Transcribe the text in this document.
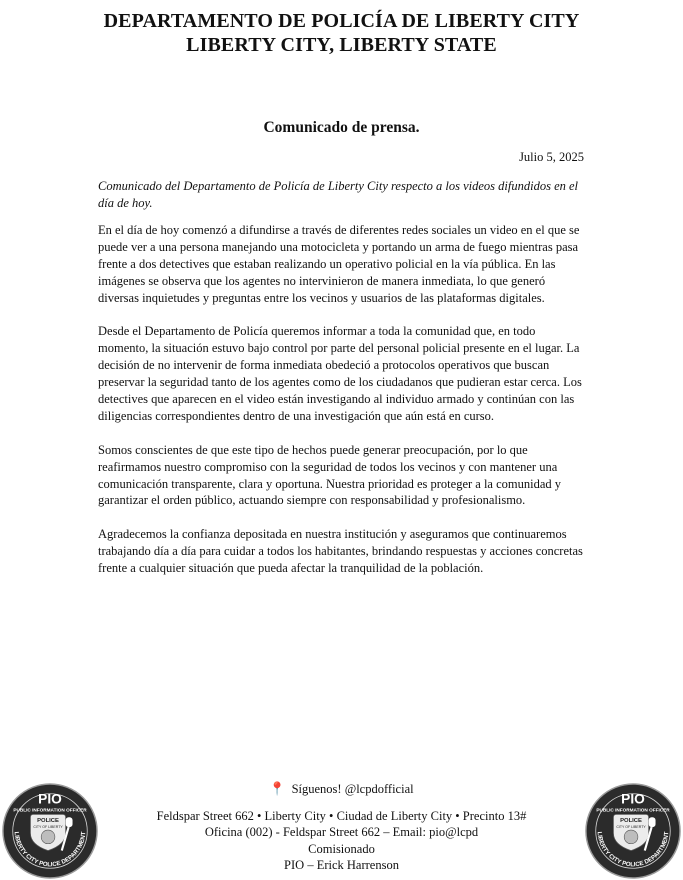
DEPARTAMENTO DE POLICÍA DE LIBERTY CITY
LIBERTY CITY, LIBERTY STATE
Comunicado de prensa.
Julio 5, 2025

Comunicado del Departamento de Policía de Liberty City respecto a los videos difundidos en el día de hoy.

En el día de hoy comenzó a difundirse a través de diferentes redes sociales un video en el que se puede ver a una persona manejando una motocicleta y portando un arma de fuego mientras pasa frente a dos detectives que estaban realizando un operativo policial en la vía pública. En las imágenes se observa que los agentes no intervinieron de manera inmediata, lo que generó diversas inquietudes y preguntas entre los vecinos y usuarios de las plataformas digitales.

Desde el Departamento de Policía queremos informar a toda la comunidad que, en todo momento, la situación estuvo bajo control por parte del personal policial presente en el lugar. La decisión de no intervenir de forma inmediata obedeció a protocolos operativos que buscan preservar la seguridad tanto de los agentes como de los ciudadanos que pudieran estar cerca. Los detectives que aparecen en el video están investigando al individuo armado y continúan con las diligencias correspondientes dentro de una investigación que aún está en curso.

Somos conscientes de que este tipo de hechos puede generar preocupación, por lo que reafirmamos nuestro compromiso con la seguridad de todos los vecinos y con mantener una comunicación transparente, clara y oportuna. Nuestra prioridad es proteger a la comunidad y garantizar el orden público, actuando siempre con responsabilidad y profesionalismo.

Agradecemos la confianza depositada en nuestra institución y aseguramos que continuaremos trabajando día a día para cuidar a todos los habitantes, brindando respuestas y acciones concretas frente a cualquier situación que pueda afectar la tranquilidad de la población.

📍 Síguenos! @lcpdofficial
Feldspar Street 662 • Liberty City • Ciudad de Liberty City • Precinto 13#
Oficina (002) - Feldspar Street 662 – Email: pio@lcpd
Comisionado
PIO – Erick Harrenson
PIO
PUBLIC INFORMATION OFFICER
POLICE
CITY OF LIBERTY
LIBERTY CITY POLICE DEPARTMENT
PIO
PUBLIC INFORMATION OFFICER
POLICE
CITY OF LIBERTY
LIBERTY CITY POLICE DEPARTMENT
